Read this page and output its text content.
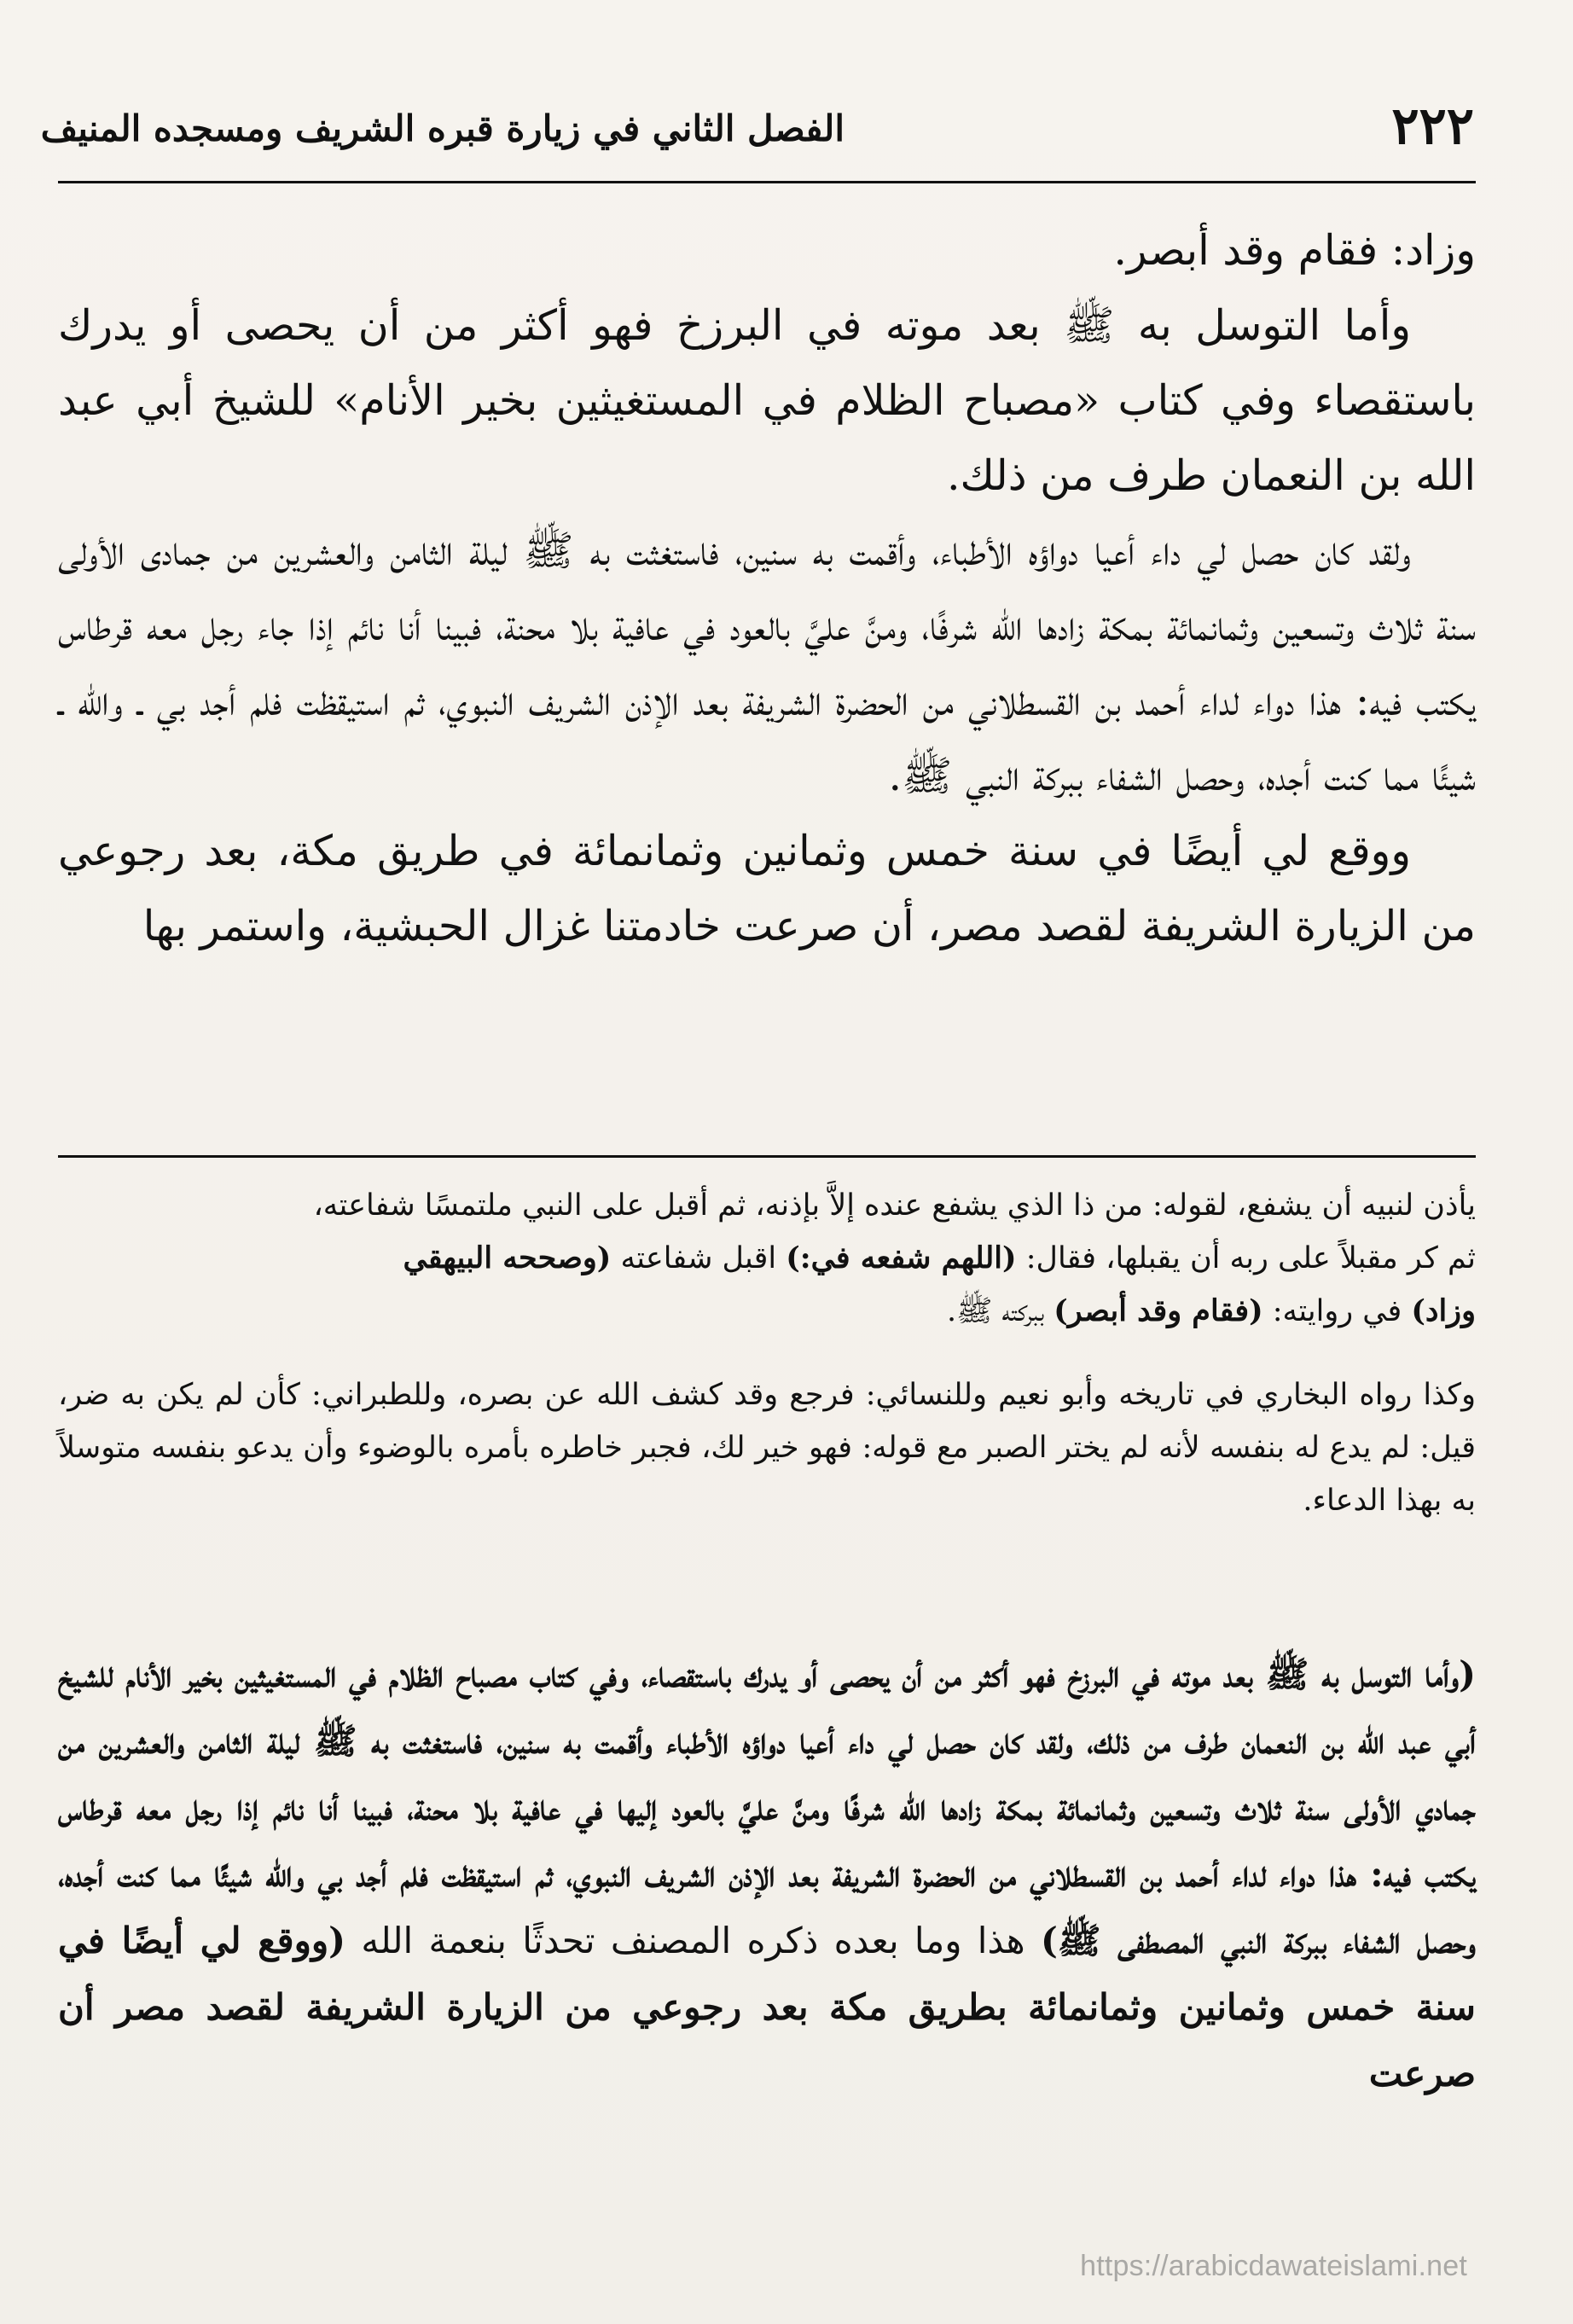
٢٢٢
الفصل الثاني في زيارة قبره الشريف ومسجده المنيف

وزاد: فقام وقد أبصر.

وأما التوسل به ﷺ بعد موته في البرزخ فهو أكثر من أن يحصى أو يدرك باستقصاء وفي كتاب «مصباح الظلام في المستغيثين بخير الأنام» للشيخ أبي عبد الله بن النعمان طرف من ذلك.

ولقد كان حصل لي داء أعيا دواؤه الأطباء، وأقمت به سنين، فاستغثت به ﷺ ليلة الثامن والعشرين من جمادى الأولى سنة ثلاث وتسعين وثمانمائة بمكة زادها الله شرفًا، ومنَّ عليَّ بالعود في عافية بلا محنة، فبينا أنا نائم إذا جاء رجل معه قرطاس يكتب فيه: هذا دواء لداء أحمد بن القسطلاني من الحضرة الشريفة بعد الإذن الشريف النبوي، ثم استيقظت فلم أجد بي ـ والله ـ شيئًا مما كنت أجده، وحصل الشفاء ببركة النبي ﷺ.

ووقع لي أيضًا في سنة خمس وثمانين وثمانمائة في طريق مكة، بعد رجوعي من الزيارة الشريفة لقصد مصر، أن صرعت خادمتنا غزال الحبشية، واستمر بها

يأذن لنبيه أن يشفع، لقوله: من ذا الذي يشفع عنده إلاَّ بإذنه، ثم أقبل على النبي ملتمسًا شفاعته،
ثم كر مقبلاً على ربه أن يقبلها، فقال: (اللهم شفعه في:) اقبل شفاعته (وصححه البيهقي
وزاد) في روايته: (فقام وقد أبصر) ببركته ﷺ.

وكذا رواه البخاري في تاريخه وأبو نعيم وللنسائي: فرجع وقد كشف الله عن بصره، وللطبراني: كأن لم يكن به ضر، قيل: لم يدع له بنفسه لأنه لم يختر الصبر مع قوله: فهو خير لك، فجبر خاطره بأمره بالوضوء وأن يدعو بنفسه متوسلاً به بهذا الدعاء.

(وأما التوسل به ﷺ بعد موته في البرزخ فهو أكثر من أن يحصى أو يدرك باستقصاء، وفي كتاب مصباح الظلام في المستغيثين بخير الأنام للشيخ أبي عبد الله بن النعمان طرف من ذلك، ولقد كان حصل لي داء أعيا دواؤه الأطباء وأقمت به سنين، فاستغثت به ﷺ ليلة الثامن والعشرين من جمادي الأولى سنة ثلاث وتسعين وثمانمائة بمكة زادها الله شرفًا ومنَّ عليَّ بالعود إليها في عافية بلا محنة، فبينا أنا نائم إذا رجل معه قرطاس يكتب فيه: هذا دواء لداء أحمد بن القسطلاني من الحضرة الشريفة بعد الإذن الشريف النبوي، ثم استيقظت فلم أجد بي والله شيئًا مما كنت أجده، وحصل الشفاء ببركة النبي المصطفى ﷺ) هذا وما بعده ذكره المصنف تحدثًا بنعمة الله (ووقع لي أيضًا في سنة خمس وثمانين وثمانمائة بطريق مكة بعد رجوعي من الزيارة الشريفة لقصد مصر أن صرعت

https://arabicdawateislami.net
